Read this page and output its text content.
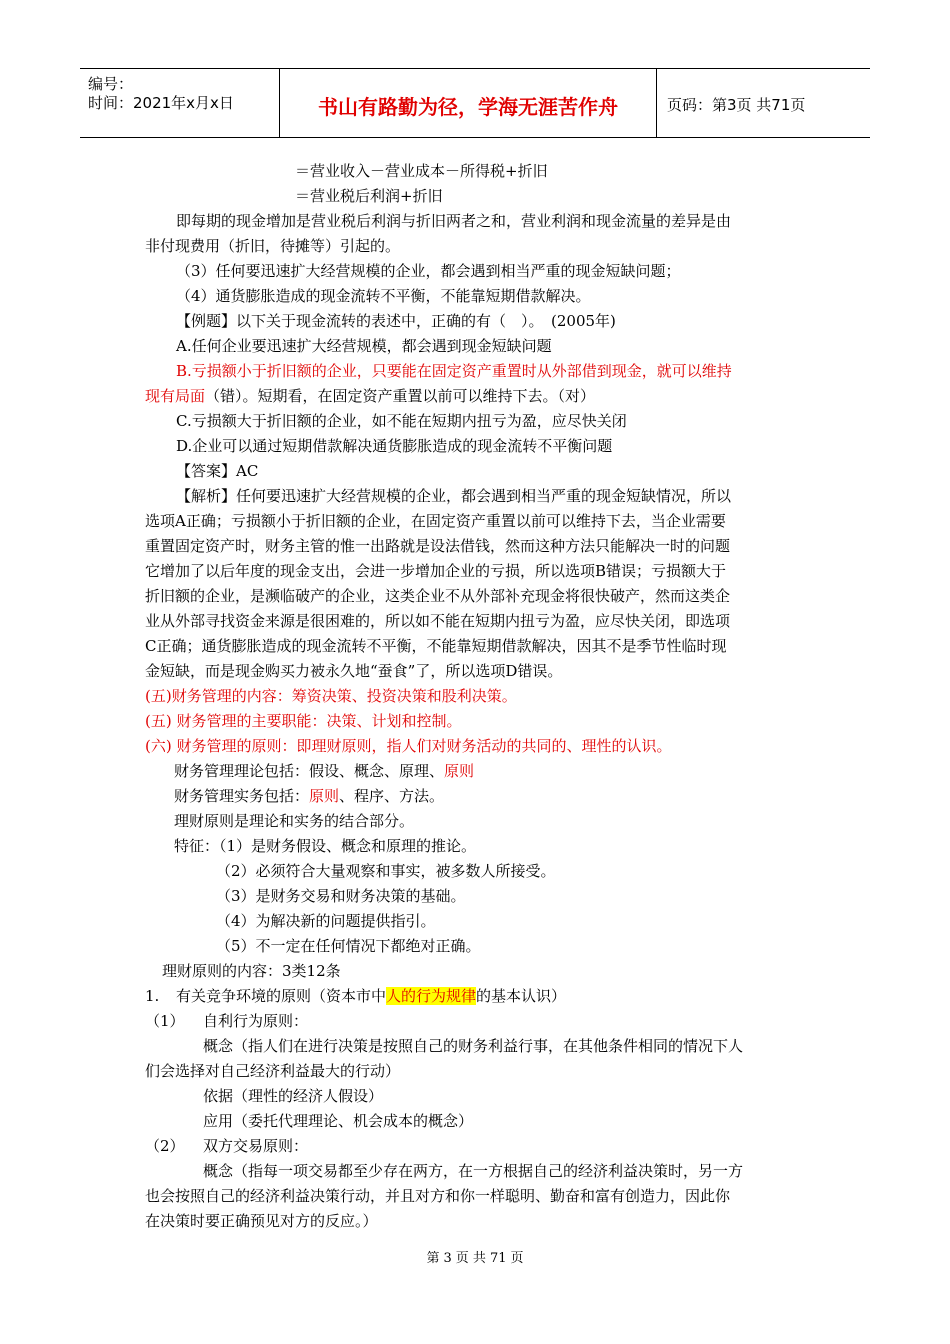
编号：
时间：2021年x月x日	书山有路勤为径，学海无涯苦作舟	页码：第3页 共71页
＝营业收入－营业成本－所得税+折旧
＝营业税后利润+折旧
即每期的现金增加是营业税后利润与折旧两者之和，营业利润和现金流量的差异是由
非付现费用（折旧，待摊等）引起的。
（3）任何要迅速扩大经营规模的企业，都会遇到相当严重的现金短缺问题；
（4）通货膨胀造成的现金流转不平衡，不能靠短期借款解决。
【例题】以下关于现金流转的表述中，正确的有（　）。　(2005年)
A.任何企业要迅速扩大经营规模，都会遇到现金短缺问题
B.亏损额小于折旧额的企业，只要能在固定资产重置时从外部借到现金，就可以维持
现有局面（错）。短期看，在固定资产重置以前可以维持下去。（对）
C.亏损额大于折旧额的企业，如不能在短期内扭亏为盈，应尽快关闭
D.企业可以通过短期借款解决通货膨胀造成的现金流转不平衡问题
【答案】AC
【解析】任何要迅速扩大经营规模的企业，都会遇到相当严重的现金短缺情况，所以
选项A正确；亏损额小于折旧额的企业，在固定资产重置以前可以维持下去，当企业需要
重置固定资产时，财务主管的惟一出路就是设法借钱，然而这种方法只能解决一时的问题
它增加了以后年度的现金支出，会进一步增加企业的亏损，所以选项B错误；亏损额大于
折旧额的企业，是濒临破产的企业，这类企业不从外部补充现金将很快破产，然而这类企
业从外部寻找资金来源是很困难的，所以如不能在短期内扭亏为盈，应尽快关闭，即选项
C正确；通货膨胀造成的现金流转不平衡，不能靠短期借款解决，因其不是季节性临时现
金短缺，而是现金购买力被永久地“蚕食”了，所以选项D错误。
(五)财务管理的内容：筹资决策、投资决策和股利决策。
(五) 财务管理的主要职能：决策、计划和控制。
(六) 财务管理的原则：即理财原则，指人们对财务活动的共同的、理性的认识。
财务管理理论包括：假设、概念、原理、原则
财务管理实务包括：原则、程序、方法。
理财原则是理论和实务的结合部分。
特征：（1）是财务假设、概念和原理的推论。
（2）必须符合大量观察和事实，被多数人所接受。
（3）是财务交易和财务决策的基础。
（4）为解决新的问题提供指引。
（5）不一定在任何情况下都绝对正确。
理财原则的内容：3类12条
1. 有关竞争环境的原则（资本市中人的行为规律的基本认识）
（1） 自利行为原则：
概念（指人们在进行决策是按照自己的财务利益行事，在其他条件相同的情况下人
们会选择对自己经济利益最大的行动）
依据（理性的经济人假设）
应用（委托代理理论、机会成本的概念）
（2） 双方交易原则：
概念（指每一项交易都至少存在两方，在一方根据自己的经济利益决策时，另一方
也会按照自己的经济利益决策行动，并且对方和你一样聪明、勤奋和富有创造力，因此你
在决策时要正确预见对方的反应。）
第 3 页 共 71 页
